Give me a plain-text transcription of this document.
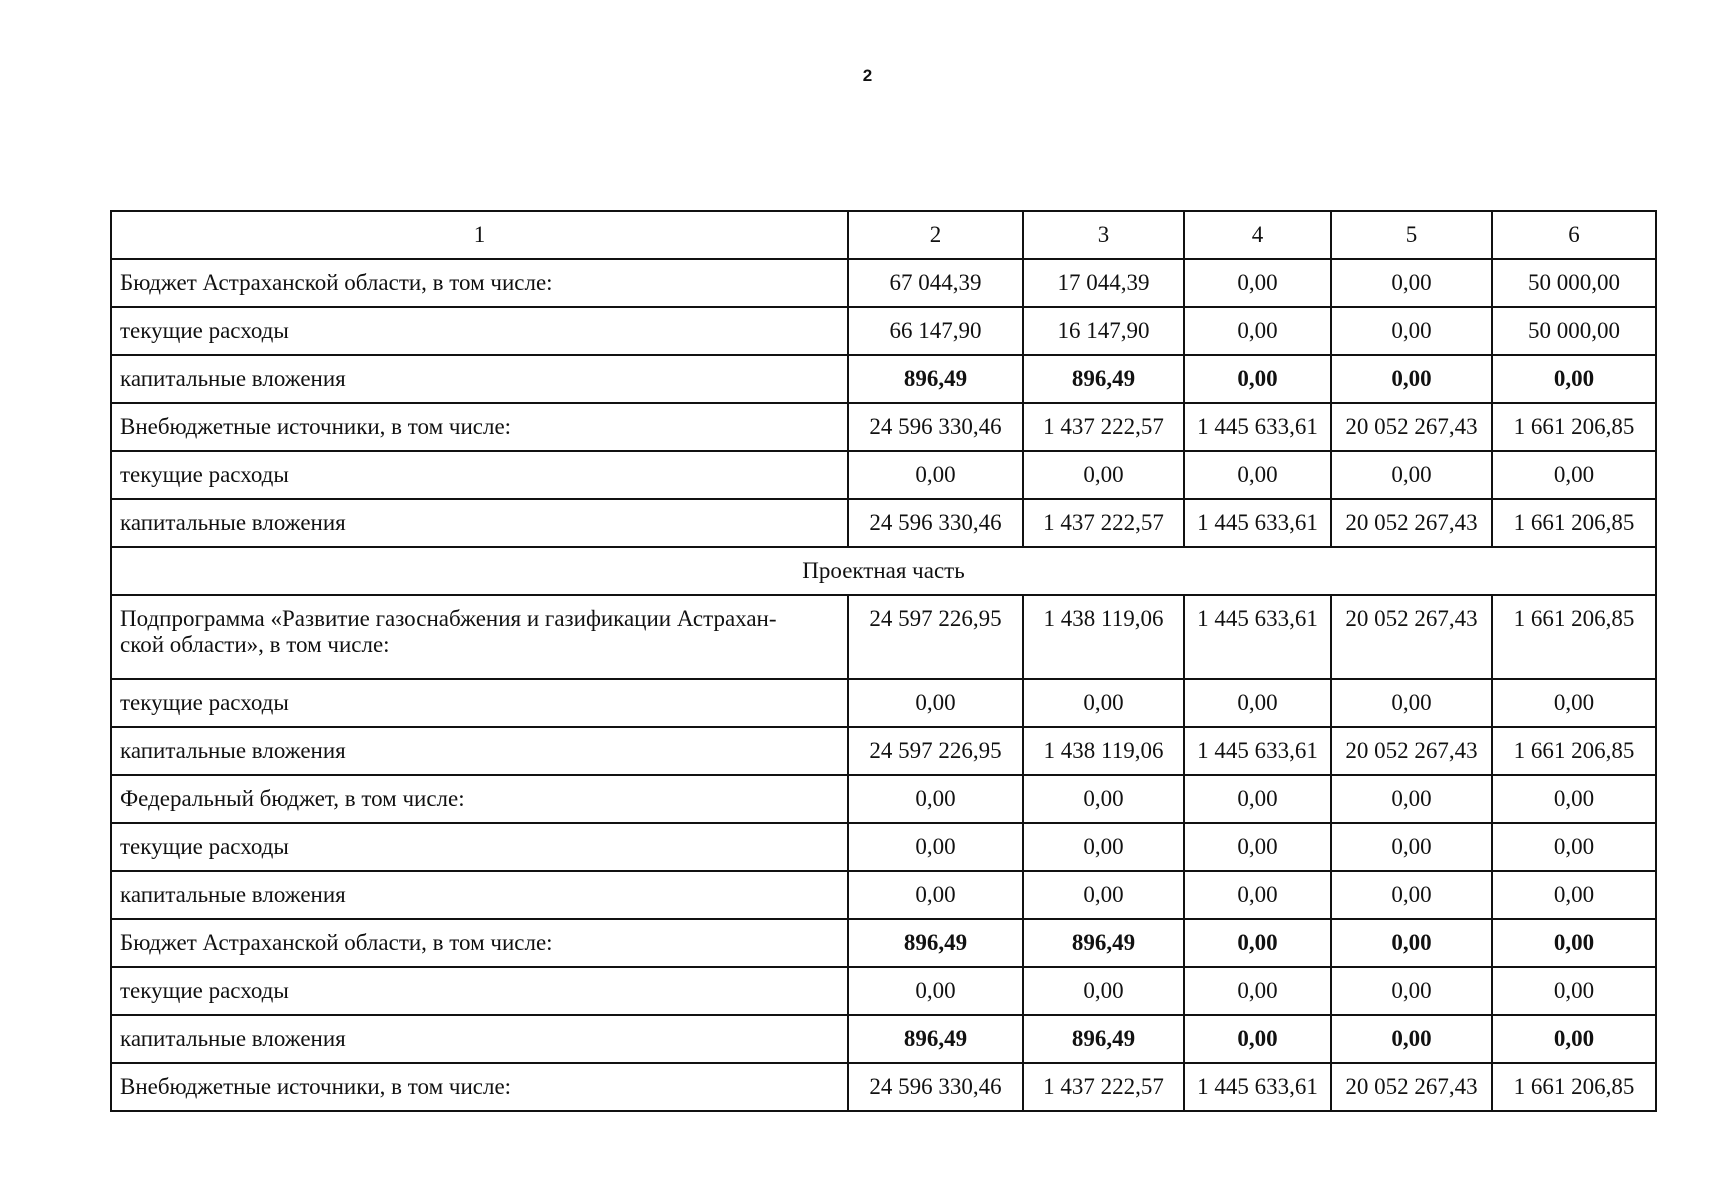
2
1	2	3	4	5	6
Бюджет Астраханской области, в том числе:	67 044,39	17 044,39	0,00	0,00	50 000,00
текущие расходы	66 147,90	16 147,90	0,00	0,00	50 000,00
капитальные вложения	896,49	896,49	0,00	0,00	0,00
Внебюджетные источники, в том числе:	24 596 330,46	1 437 222,57	1 445 633,61	20 052 267,43	1 661 206,85
текущие расходы	0,00	0,00	0,00	0,00	0,00
капитальные вложения	24 596 330,46	1 437 222,57	1 445 633,61	20 052 267,43	1 661 206,85
Проектная часть					
Подпрограмма «Развитие газоснабжения и газификации Астрахан-
ской области», в том числе:	24 597 226,95	1 438 119,06	1 445 633,61	20 052 267,43	1 661 206,85
текущие расходы	0,00	0,00	0,00	0,00	0,00
капитальные вложения	24 597 226,95	1 438 119,06	1 445 633,61	20 052 267,43	1 661 206,85
Федеральный бюджет, в том числе:	0,00	0,00	0,00	0,00	0,00
текущие расходы	0,00	0,00	0,00	0,00	0,00
капитальные вложения	0,00	0,00	0,00	0,00	0,00
Бюджет Астраханской области, в том числе:	896,49	896,49	0,00	0,00	0,00
текущие расходы	0,00	0,00	0,00	0,00	0,00
капитальные вложения	896,49	896,49	0,00	0,00	0,00
Внебюджетные источники, в том числе:	24 596 330,46	1 437 222,57	1 445 633,61	20 052 267,43	1 661 206,85
